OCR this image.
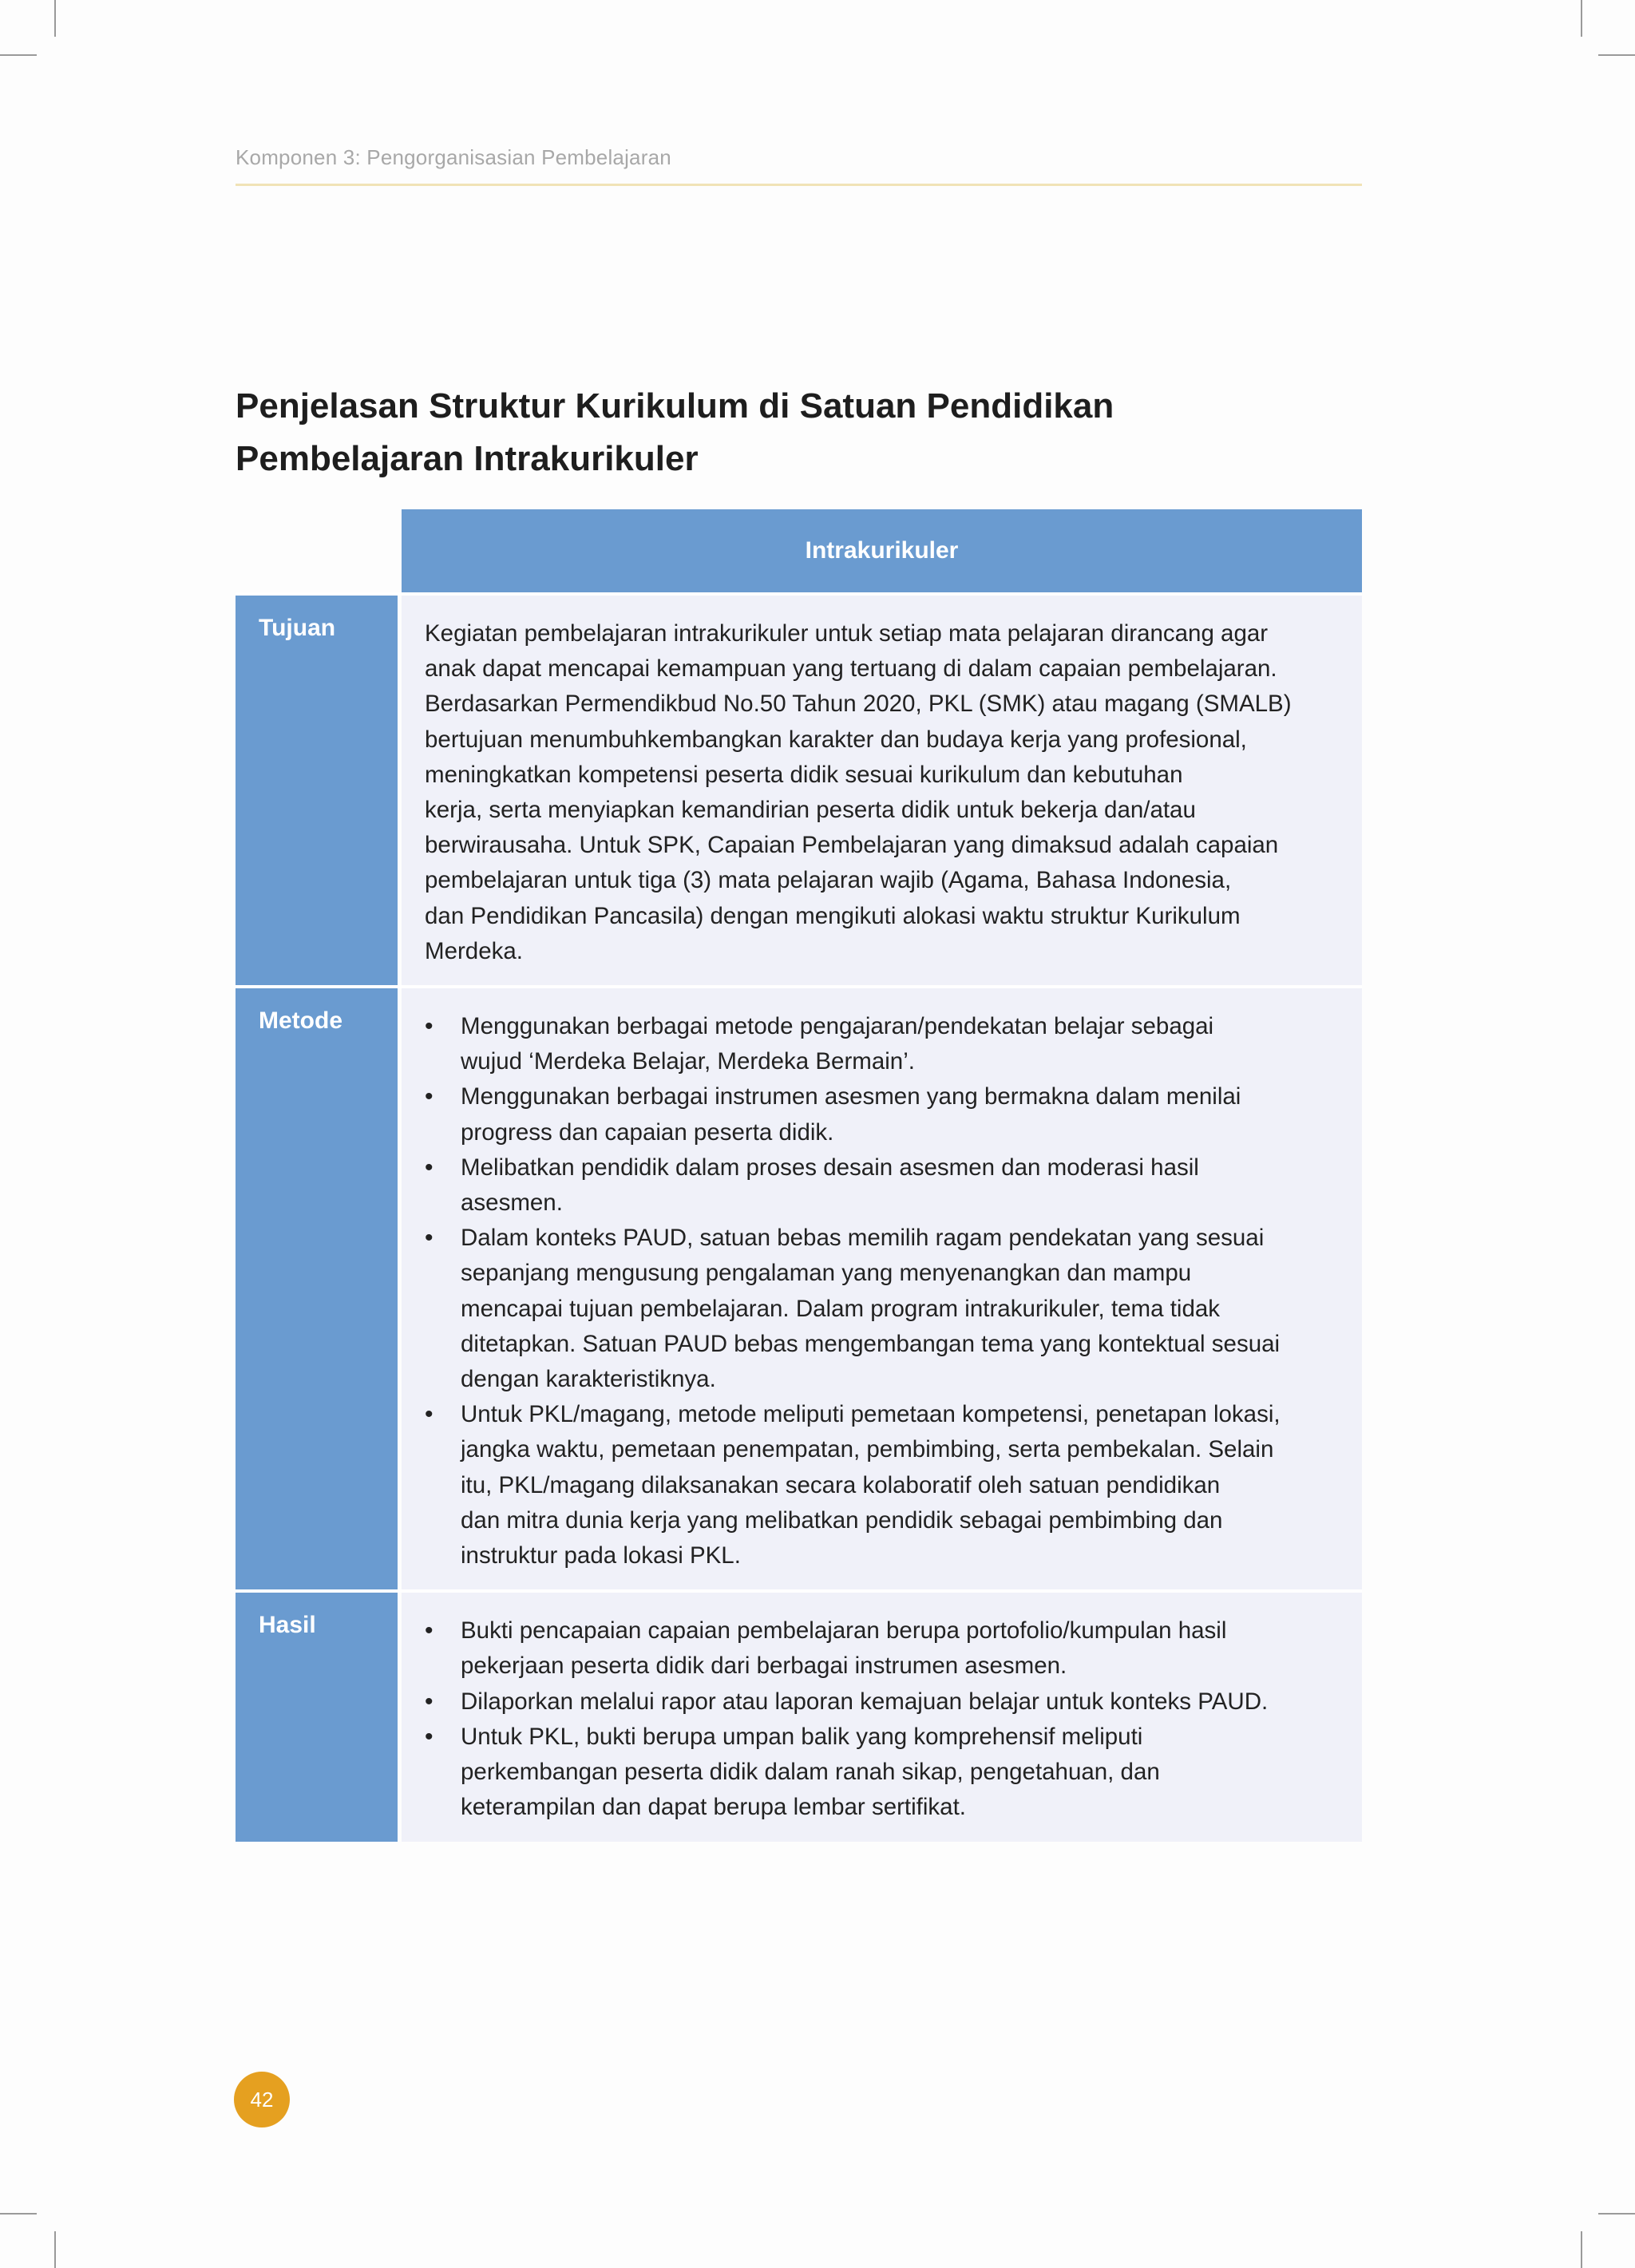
Komponen 3: Pengorganisasian Pembelajaran
Penjelasan Struktur Kurikulum di Satuan Pendidikan
Pembelajaran Intrakurikuler
Intrakurikuler
Tujuan	Kegiatan pembelajaran intrakurikuler untuk setiap mata pelajaran dirancang agar
anak dapat mencapai kemampuan yang tertuang di dalam capaian pembelajaran.
Berdasarkan Permendikbud No.50 Tahun 2020, PKL (SMK) atau magang (SMALB)
bertujuan menumbuhkembangkan karakter dan budaya kerja yang profesional,
meningkatkan kompetensi peserta didik sesuai kurikulum dan kebutuhan
kerja, serta menyiapkan kemandirian peserta didik untuk bekerja dan/atau
berwirausaha. Untuk SPK, Capaian Pembelajaran yang dimaksud adalah capaian
pembelajaran untuk tiga (3) mata pelajaran wajib (Agama, Bahasa Indonesia,
dan Pendidikan Pancasila) dengan mengikuti alokasi waktu struktur Kurikulum
Merdeka.

Metode	• Menggunakan berbagai metode pengajaran/pendekatan belajar sebagai
wujud ‘Merdeka Belajar, Merdeka Bermain’.
• Menggunakan berbagai instrumen asesmen yang bermakna dalam menilai
progress dan capaian peserta didik.
• Melibatkan pendidik dalam proses desain asesmen dan moderasi hasil
asesmen.
• Dalam konteks PAUD, satuan bebas memilih ragam pendekatan yang sesuai
sepanjang mengusung pengalaman yang menyenangkan dan mampu
mencapai tujuan pembelajaran. Dalam program intrakurikuler, tema tidak
ditetapkan. Satuan PAUD bebas mengembangan tema yang kontektual sesuai
dengan karakteristiknya.
• Untuk PKL/magang, metode meliputi pemetaan kompetensi, penetapan lokasi,
jangka waktu, pemetaan penempatan, pembimbing, serta pembekalan. Selain
itu, PKL/magang dilaksanakan secara kolaboratif oleh satuan pendidikan
dan mitra dunia kerja yang melibatkan pendidik sebagai pembimbing dan
instruktur pada lokasi PKL.
Hasil	• Bukti pencapaian capaian pembelajaran berupa portofolio/kumpulan hasil
pekerjaan peserta didik dari berbagai instrumen asesmen.
• Dilaporkan melalui rapor atau laporan kemajuan belajar untuk konteks PAUD.
• Untuk PKL, bukti berupa umpan balik yang komprehensif meliputi
perkembangan peserta didik dalam ranah sikap, pengetahuan, dan
keterampilan dan dapat berupa lembar sertifikat.
42
